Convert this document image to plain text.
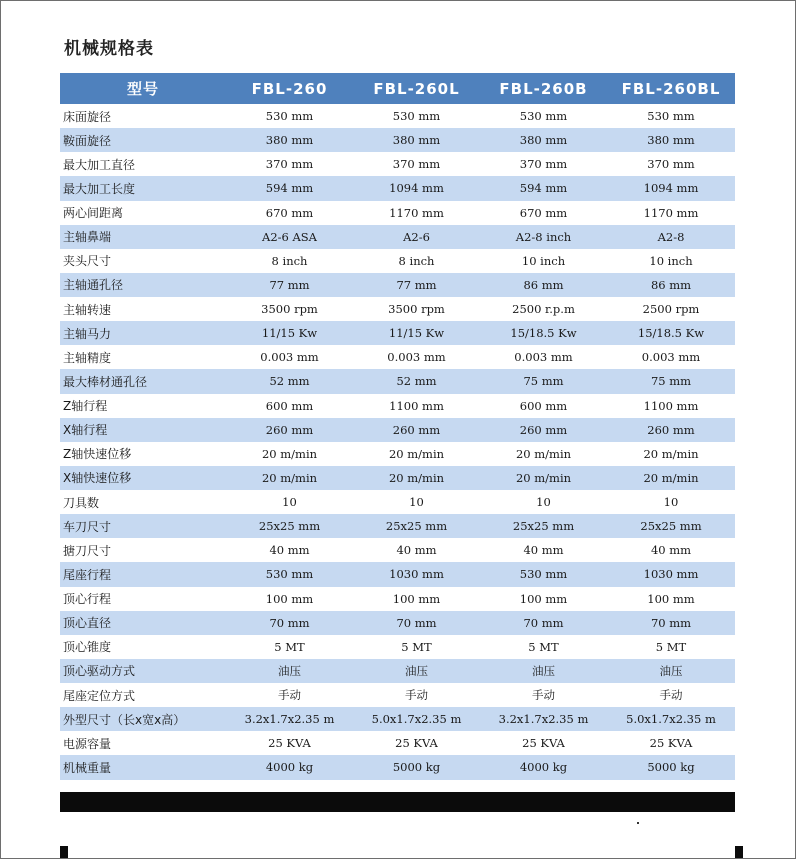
机械规格表
型号	FBL-260	FBL-260L	FBL-260B	FBL-260BL
床面旋径	530 mm	530 mm	530 mm	530 mm
鞍面旋径	380 mm	380 mm	380 mm	380 mm
最大加工直径	370 mm	370 mm	370 mm	370 mm
最大加工长度	594 mm	1094 mm	594 mm	1094 mm
两心间距离	670 mm	1170 mm	670 mm	1170 mm
主轴鼻端	A2-6 ASA	A2-6	A2-8 inch	A2-8
夹头尺寸	8 inch	8 inch	10 inch	10 inch
主轴通孔径	77 mm	77 mm	86 mm	86 mm
主轴转速	3500 rpm	3500 rpm	2500 r.p.m	2500 rpm
主轴马力	11/15 Kw	11/15 Kw	15/18.5 Kw	15/18.5 Kw
主轴精度	0.003 mm	0.003 mm	0.003 mm	0.003 mm
最大棒材通孔径	52 mm	52 mm	75 mm	75 mm
Z轴行程	600 mm	1100 mm	600 mm	1100 mm
X轴行程	260 mm	260 mm	260 mm	260 mm
Z轴快速位移	20 m/min	20 m/min	20 m/min	20 m/min
X轴快速位移	20 m/min	20 m/min	20 m/min	20 m/min
刀具数	10	10	10	10
车刀尺寸	25x25 mm	25x25 mm	25x25 mm	25x25 mm
搪刀尺寸	40 mm	40 mm	40 mm	40 mm
尾座行程	530 mm	1030 mm	530 mm	1030 mm
顶心行程	100 mm	100 mm	100 mm	100 mm
顶心直径	70 mm	70 mm	70 mm	70 mm
顶心锥度	5 MT	5 MT	5 MT	5 MT
顶心驱动方式	油压	油压	油压	油压
尾座定位方式	手动	手动	手动	手动
外型尺寸（长x宽x高）	3.2x1.7x2.35 m	5.0x1.7x2.35 m	3.2x1.7x2.35 m	5.0x1.7x2.35 m
电源容量	25 KVA	25 KVA	25 KVA	25 KVA
机械重量	4000 kg	5000 kg	4000 kg	5000 kg
